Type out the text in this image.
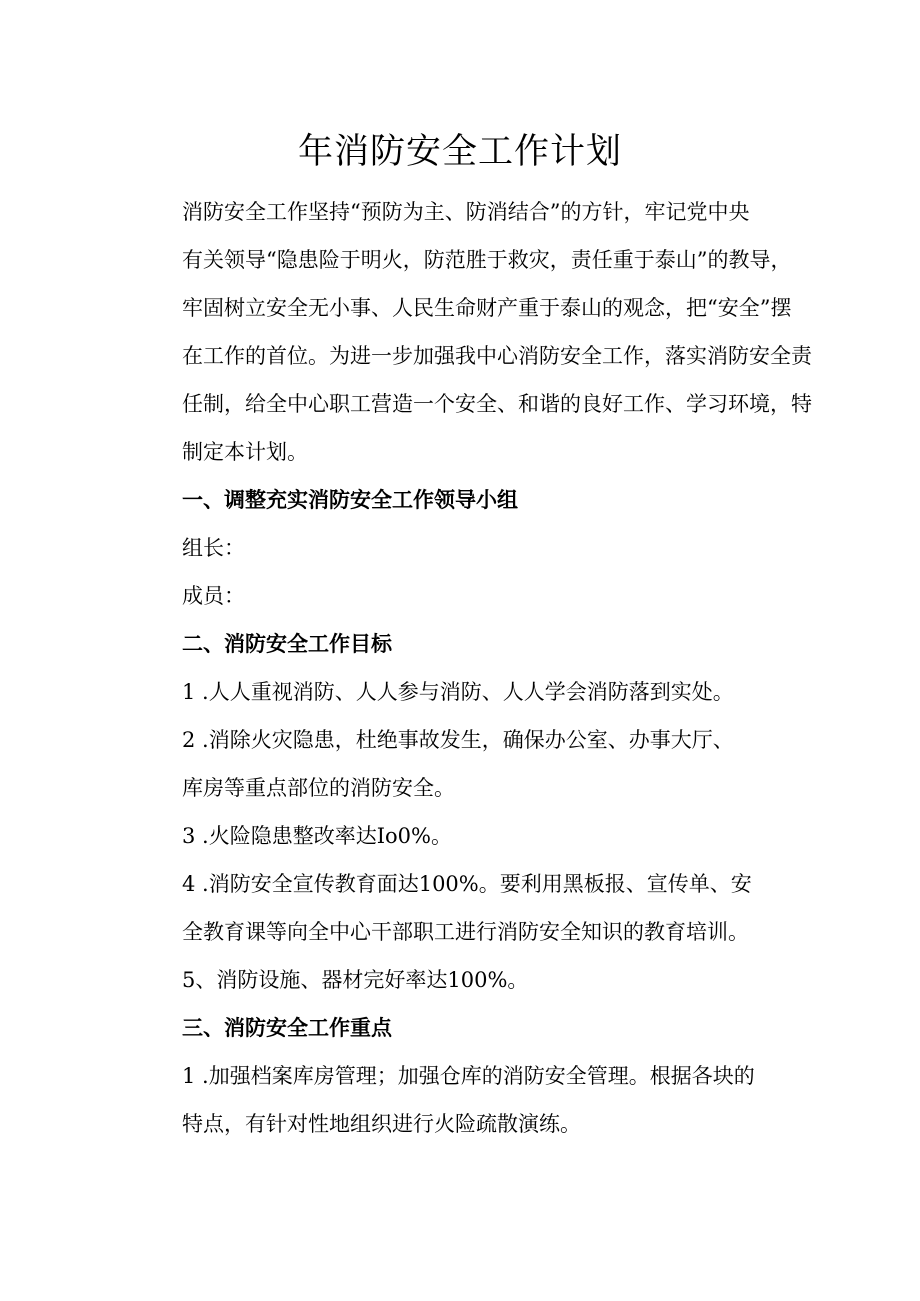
年消防安全工作计划

消防安全工作坚持“预防为主、防消结合”的方针，牢记党中央
有关领导“隐患险于明火，防范胜于救灾，责任重于泰山”的教导，
牢固树立安全无小事、人民生命财产重于泰山的观念，把“安全”摆
在工作的首位。为进一步加强我中心消防安全工作，落实消防安全责
任制，给全中心职工营造一个安全、和谐的良好工作、学习环境，特
制定本计划。

一、调整充实消防安全工作领导小组

组长：

成员：

二、消防安全工作目标

1 .人人重视消防、人人参与消防、人人学会消防落到实处。

2 .消除火灾隐患，杜绝事故发生，确保办公室、办事大厅、
库房等重点部位的消防安全。

3 .火险隐患整改率达Io0%。

4 .消防安全宣传教育面达100%。要利用黑板报、宣传单、安
全教育课等向全中心干部职工进行消防安全知识的教育培训。

5、消防设施、器材完好率达100%。

三、消防安全工作重点

1 .加强档案库房管理；加强仓库的消防安全管理。根据各块的
特点，有针对性地组织进行火险疏散演练。
